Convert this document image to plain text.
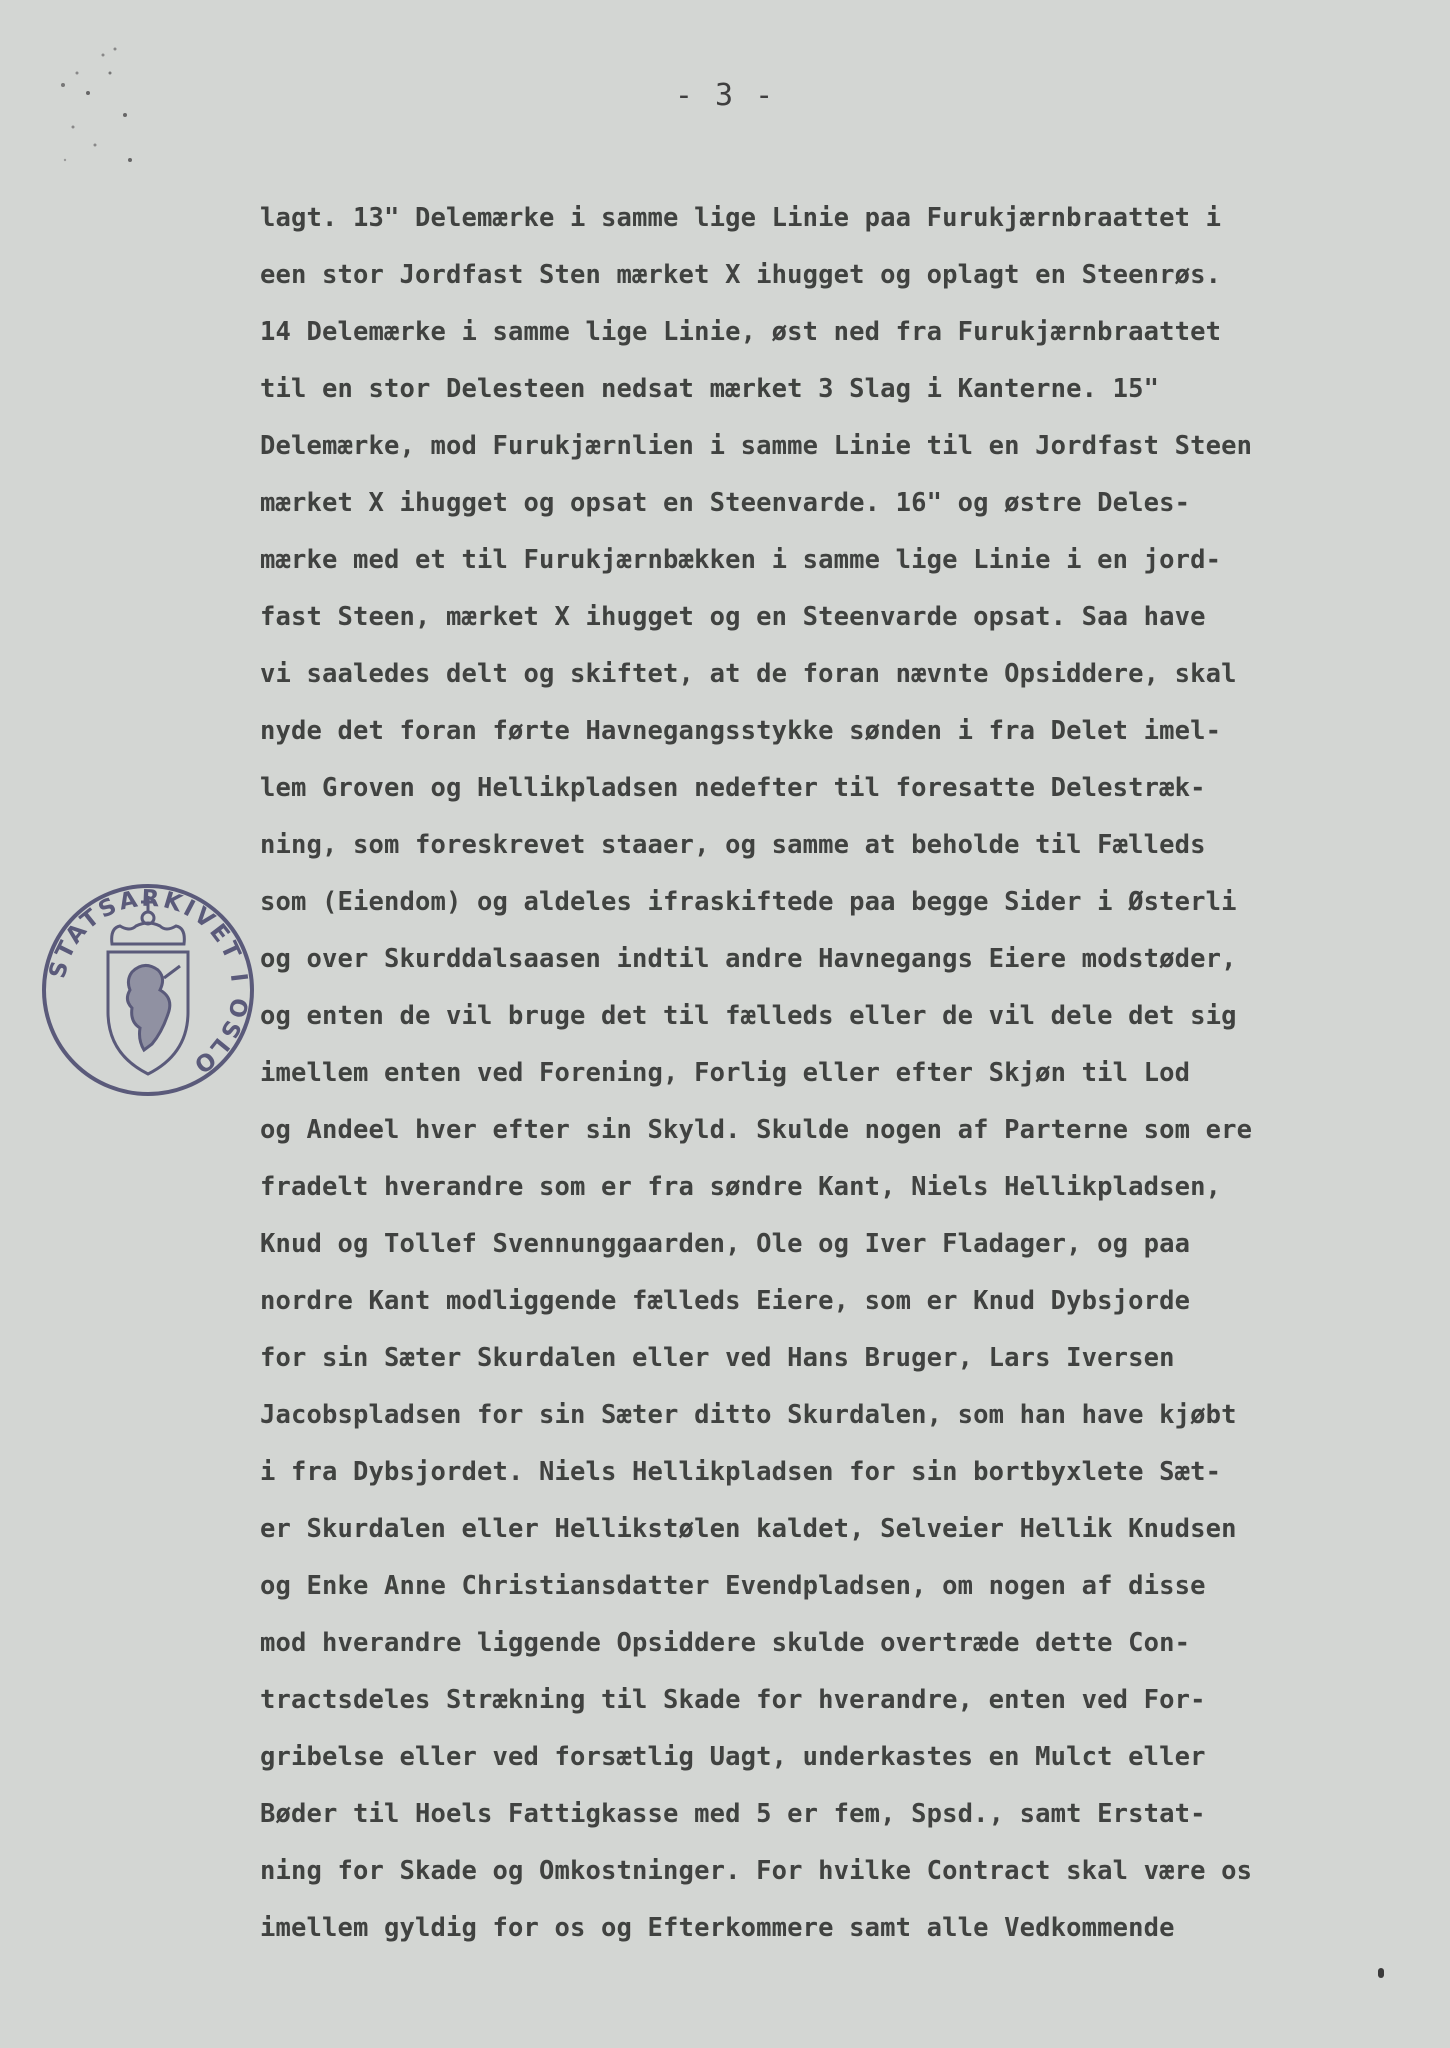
- 3 -
STATSARKIVET I OSLO
lagt. 13" Delemærke i samme lige Linie paa Furukjærnbraattet i
een stor Jordfast Sten mærket X ihugget og oplagt en Steenrøs.
14 Delemærke i samme lige Linie, øst ned fra Furukjærnbraattet
til en stor Delesteen nedsat mærket 3 Slag i Kanterne. 15"
Delemærke, mod Furukjærnlien i samme Linie til en Jordfast Steen
mærket X ihugget og opsat en Steenvarde. 16" og østre Deles-
mærke med et til Furukjærnbækken i samme lige Linie i en jord-
fast Steen, mærket X ihugget og en Steenvarde opsat. Saa have
vi saaledes delt og skiftet, at de foran nævnte Opsiddere, skal
nyde det foran førte Havnegangsstykke sønden i fra Delet imel-
lem Groven og Hellikpladsen nedefter til foresatte Delestræk-
ning, som foreskrevet staaer, og samme at beholde til Fælleds
som (Eiendom) og aldeles ifraskiftede paa begge Sider i Østerli
og over Skurddalsaasen indtil andre Havnegangs Eiere modstøder,
og enten de vil bruge det til fælleds eller de vil dele det sig
imellem enten ved Forening, Forlig eller efter Skjøn til Lod
og Andeel hver efter sin Skyld. Skulde nogen af Parterne som ere
fradelt hverandre som er fra søndre Kant, Niels Hellikpladsen,
Knud og Tollef Svennunggaarden, Ole og Iver Fladager, og paa
nordre Kant modliggende fælleds Eiere, som er Knud Dybsjorde
for sin Sæter Skurdalen eller ved Hans Bruger, Lars Iversen
Jacobspladsen for sin Sæter ditto Skurdalen, som han have kjøbt
i fra Dybsjordet. Niels Hellikpladsen for sin bortbyxlete Sæt-
er Skurdalen eller Hellikstølen kaldet, Selveier Hellik Knudsen
og Enke Anne Christiansdatter Evendpladsen, om nogen af disse
mod hverandre liggende Opsiddere skulde overtræde dette Con-
tractsdeles Strækning til Skade for hverandre, enten ved For-
gribelse eller ved forsætlig Uagt, underkastes en Mulct eller
Bøder til Hoels Fattigkasse med 5 er fem, Spsd., samt Erstat-
ning for Skade og Omkostninger. For hvilke Contract skal være os
imellem gyldig for os og Efterkommere samt alle Vedkommende
